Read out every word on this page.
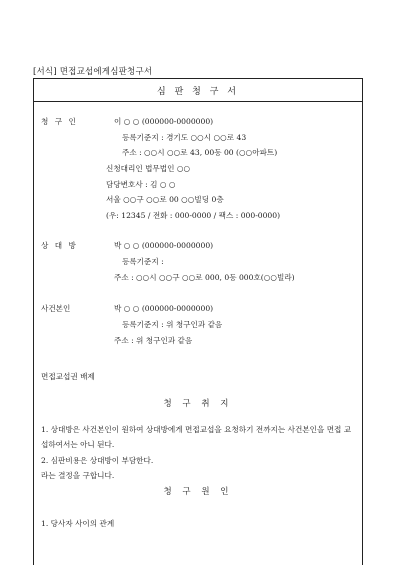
[서식] 면접교섭에게심판청구서
심 판 청 구 서
청 구 인	이 ○ ○ (000000-0000000)
등록기준지 : 경기도 ○○시 ○○로 43
주소 : ○○시 ○○로 43, 00동 00 (○○아파트)
신청대리인 법무법인 ○○
담당변호사 : 김 ○ ○
서울 ○○구 ○○로 00 ○○빌딩 0층
(우: 12345 / 전화 : 000-0000 / 팩스 : 000-0000)
상 대 방	박 ○ ○ (000000-0000000)
등록기준지 :
주소 : ○○시 ○○구 ○○로 000, 0동 000호(○○빌라)
사건본인	박 ○ ○ (000000-0000000)
등록기준지 : 위 청구인과 같음
주소 : 위 청구인과 같음
면접교섭권 배제
청 구 취 지
1. 상대방은 사건본인이 원하여 상대방에게 면접교섭을 요청하기 전까지는 사건본인을 면접 교섭하여서는 아니 된다.
2. 심판비용은 상대방이 부담한다.
라는 결정을 구합니다.
청 구 원 인
1. 당사자 사이의 관계
